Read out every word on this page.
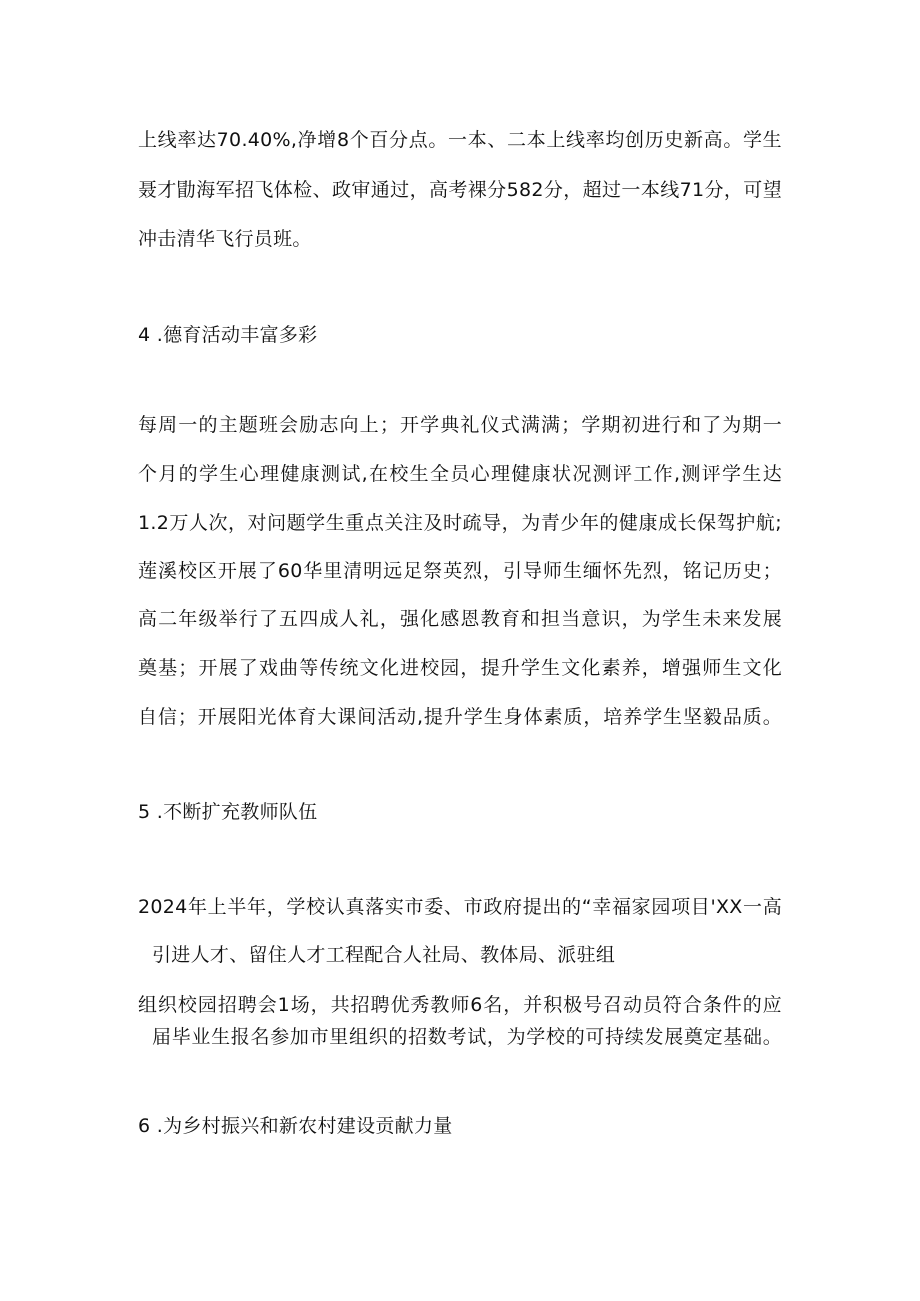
上线率达70.40%,净增8个百分点。一本、二本上线率均创历史新高。学生

聂才勖海军招飞体检、政审通过，高考裸分582分，超过一本线71分，可望

冲击清华飞行员班。

4 .德育活动丰富多彩

每周一的主题班会励志向上；开学典礼仪式满满；学期初进行和了为期一

个月的学生心理健康测试,在校生全员心理健康状况测评工作,测评学生达

1.2万人次，对问题学生重点关注及时疏导，为青少年的健康成长保驾护航;

莲溪校区开展了60华里清明远足祭英烈，引导师生缅怀先烈，铭记历史；

高二年级举行了五四成人礼，强化感恩教育和担当意识，为学生未来发展

奠基；开展了戏曲等传统文化进校园，提升学生文化素养，增强师生文化

自信；开展阳光体育大课间活动,提升学生身体素质，培养学生坚毅品质。

5 .不断扩充教师队伍

2024年上半年，学校认真落实市委、市政府提出的“幸福家园项目'XX一高

引进人才、留住人才工程配合人社局、教体局、派驻组

组织校园招聘会1场，共招聘优秀教师6名，并积极号召动员符合条件的应

届毕业生报名参加市里组织的招数考试，为学校的可持续发展奠定基础。

6 .为乡村振兴和新农村建设贡献力量
